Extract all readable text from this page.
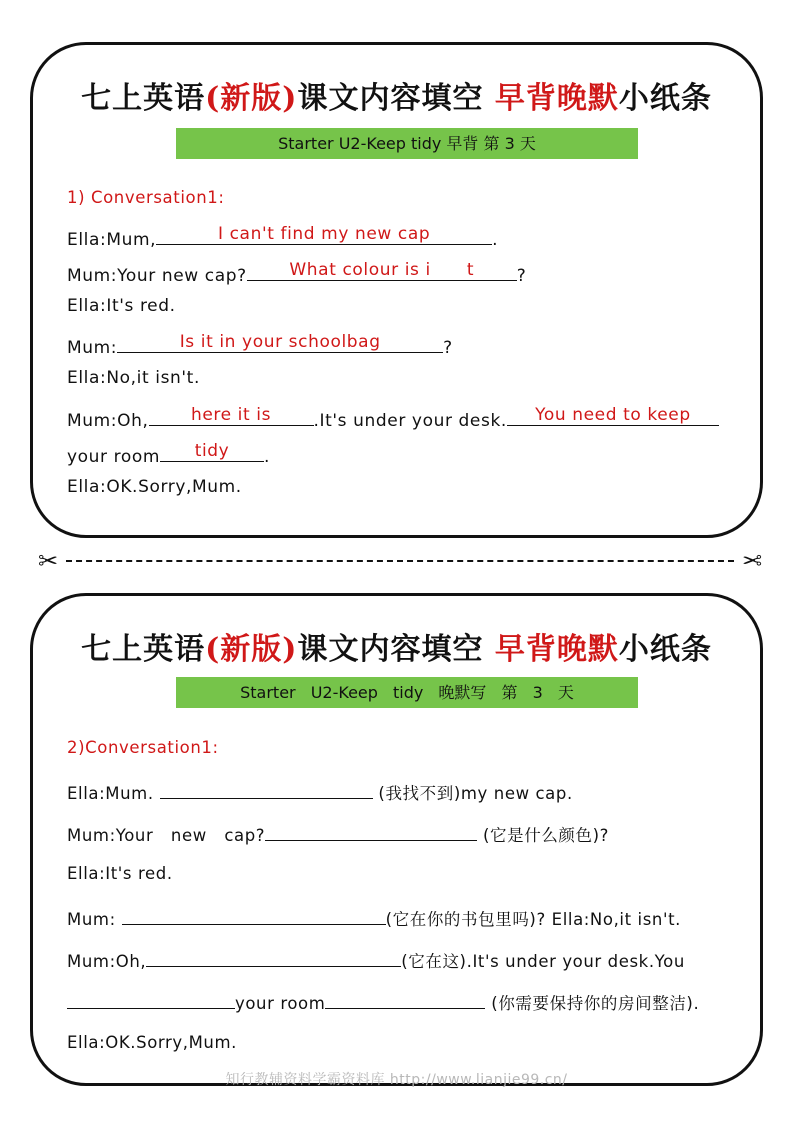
七上英语(新版)课文内容填空 早背晚默小纸条
Starter U2-Keep tidy 早背 第 3 天
1) Conversation1:
Ella:Mum,	I can't find my new cap	.
Mum:Your new cap?	What colour is i      t	?
Ella:It's red.
Mum:	Is it in your schoolbag	?
Ella:No,it isn't.
Mum:Oh, here it is .It's under your desk. You need to keep
your room tidy .
Ella:OK.Sorry,Mum.
✂	✂
七上英语(新版)课文内容填空 早背晚默小纸条
Starter U2-Keep tidy 晚默写 第 3 天
2)Conversation1:
Ella:Mum.	(我找不到)my new cap.
Mum:Your   new   cap?	(它是什么颜色)?
Ella:It's red.
Mum:	(它在你的书包里吗)? Ella:No,it isn't.
Mum:Oh,	(它在这).It's under your desk.You
your room	(你需要保持你的房间整洁).
Ella:OK.Sorry,Mum.
知行教辅资料学霸资料库 http://www.lianjie99.cn/
